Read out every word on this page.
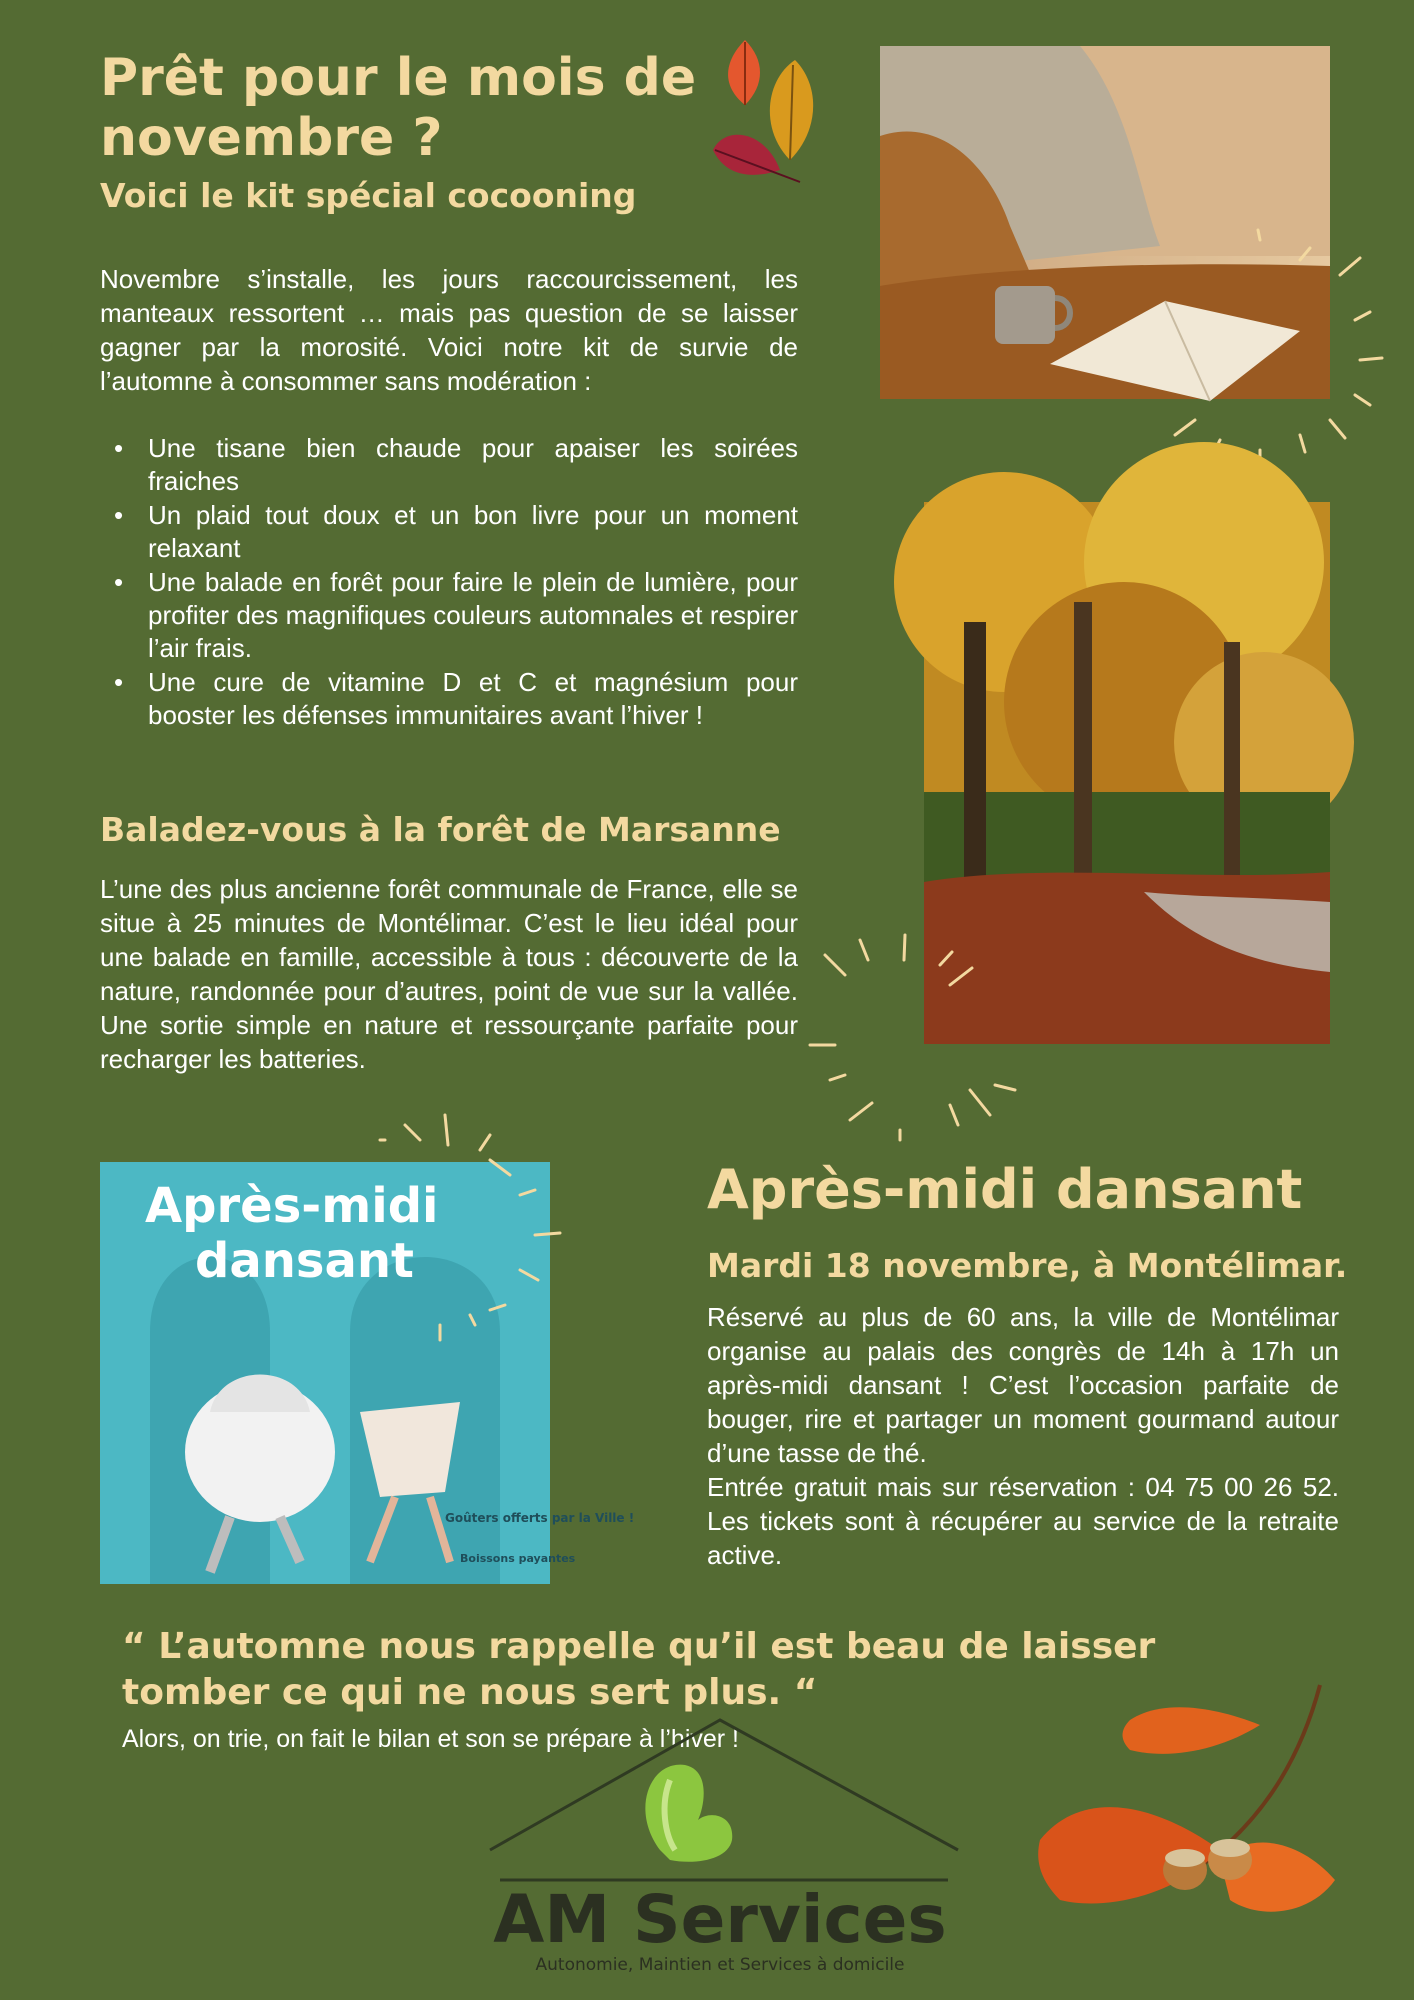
Prêt pour le mois de novembre ?
Voici le kit spécial cocooning

Novembre s’installe, les jours raccourcissement, les manteaux ressortent … mais pas question de se laisser gagner par la morosité. Voici notre kit de survie de l’automne à consommer sans modération :

• Une tisane bien chaude pour apaiser les soirées fraiches
• Un plaid tout doux et un bon livre pour un moment relaxant
• Une balade en forêt pour faire le plein de lumière, pour profiter des magnifiques couleurs automnales et respirer l’air frais.
• Une cure de vitamine D et C et magnésium pour booster les défenses immunitaires avant l’hiver !
Baladez-vous à la forêt de Marsanne

L’une des plus ancienne forêt communale de France, elle se situe à 25 minutes de Montélimar. C’est le lieu idéal pour une balade en famille, accessible à tous : découverte de la nature, randonnée pour d’autres, point de vue sur la vallée. Une sortie simple en nature et ressourçante parfaite pour recharger les batteries.

Après-midi
dansant
Goûters offerts par la Ville !
Boissons payantes
Après-midi dansant
Mardi 18 novembre, à Montélimar.

Réservé au plus de 60 ans, la ville de Montélimar organise au palais des congrès de 14h à 17h un après-midi dansant ! C’est l’occasion parfaite de bouger, rire et partager un moment gourmand autour d’une tasse de thé.

Entrée gratuit mais sur réservation : 04 75 00 26 52. Les tickets sont à récupérer au service de la retraite active.

“ L’automne nous rappelle qu’il est beau de laisser tomber ce qui ne nous sert plus. “

Alors, on trie, on fait le bilan et son se prépare à l’hiver !

AM Services
Autonomie, Maintien et Services à domicile
